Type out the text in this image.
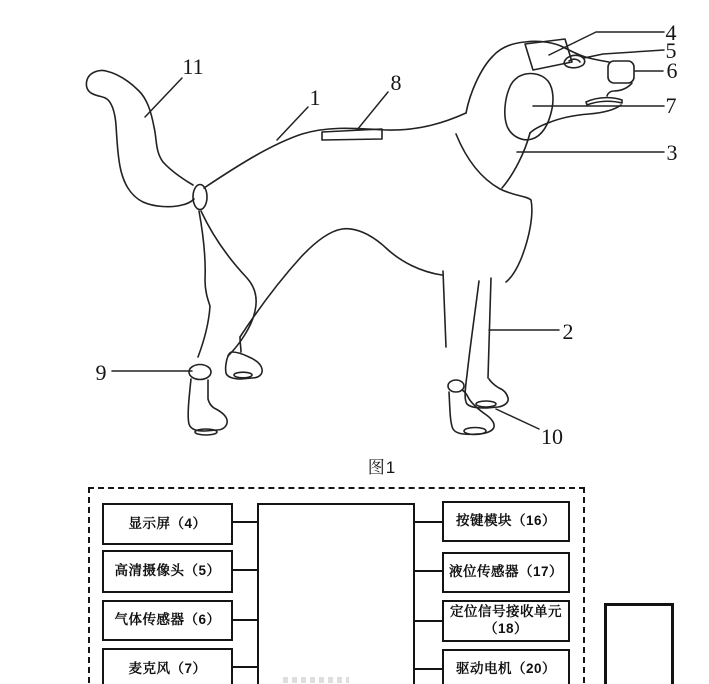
4
5
6
7
3
11
1
8
2
9
10
图1
显示屏（4）
高清摄像头（5）
气体传感器（6）
麦克风（7）
按键模块（16）
液位传感器（17）
定位信号接收单元（18）
驱动电机（20）
